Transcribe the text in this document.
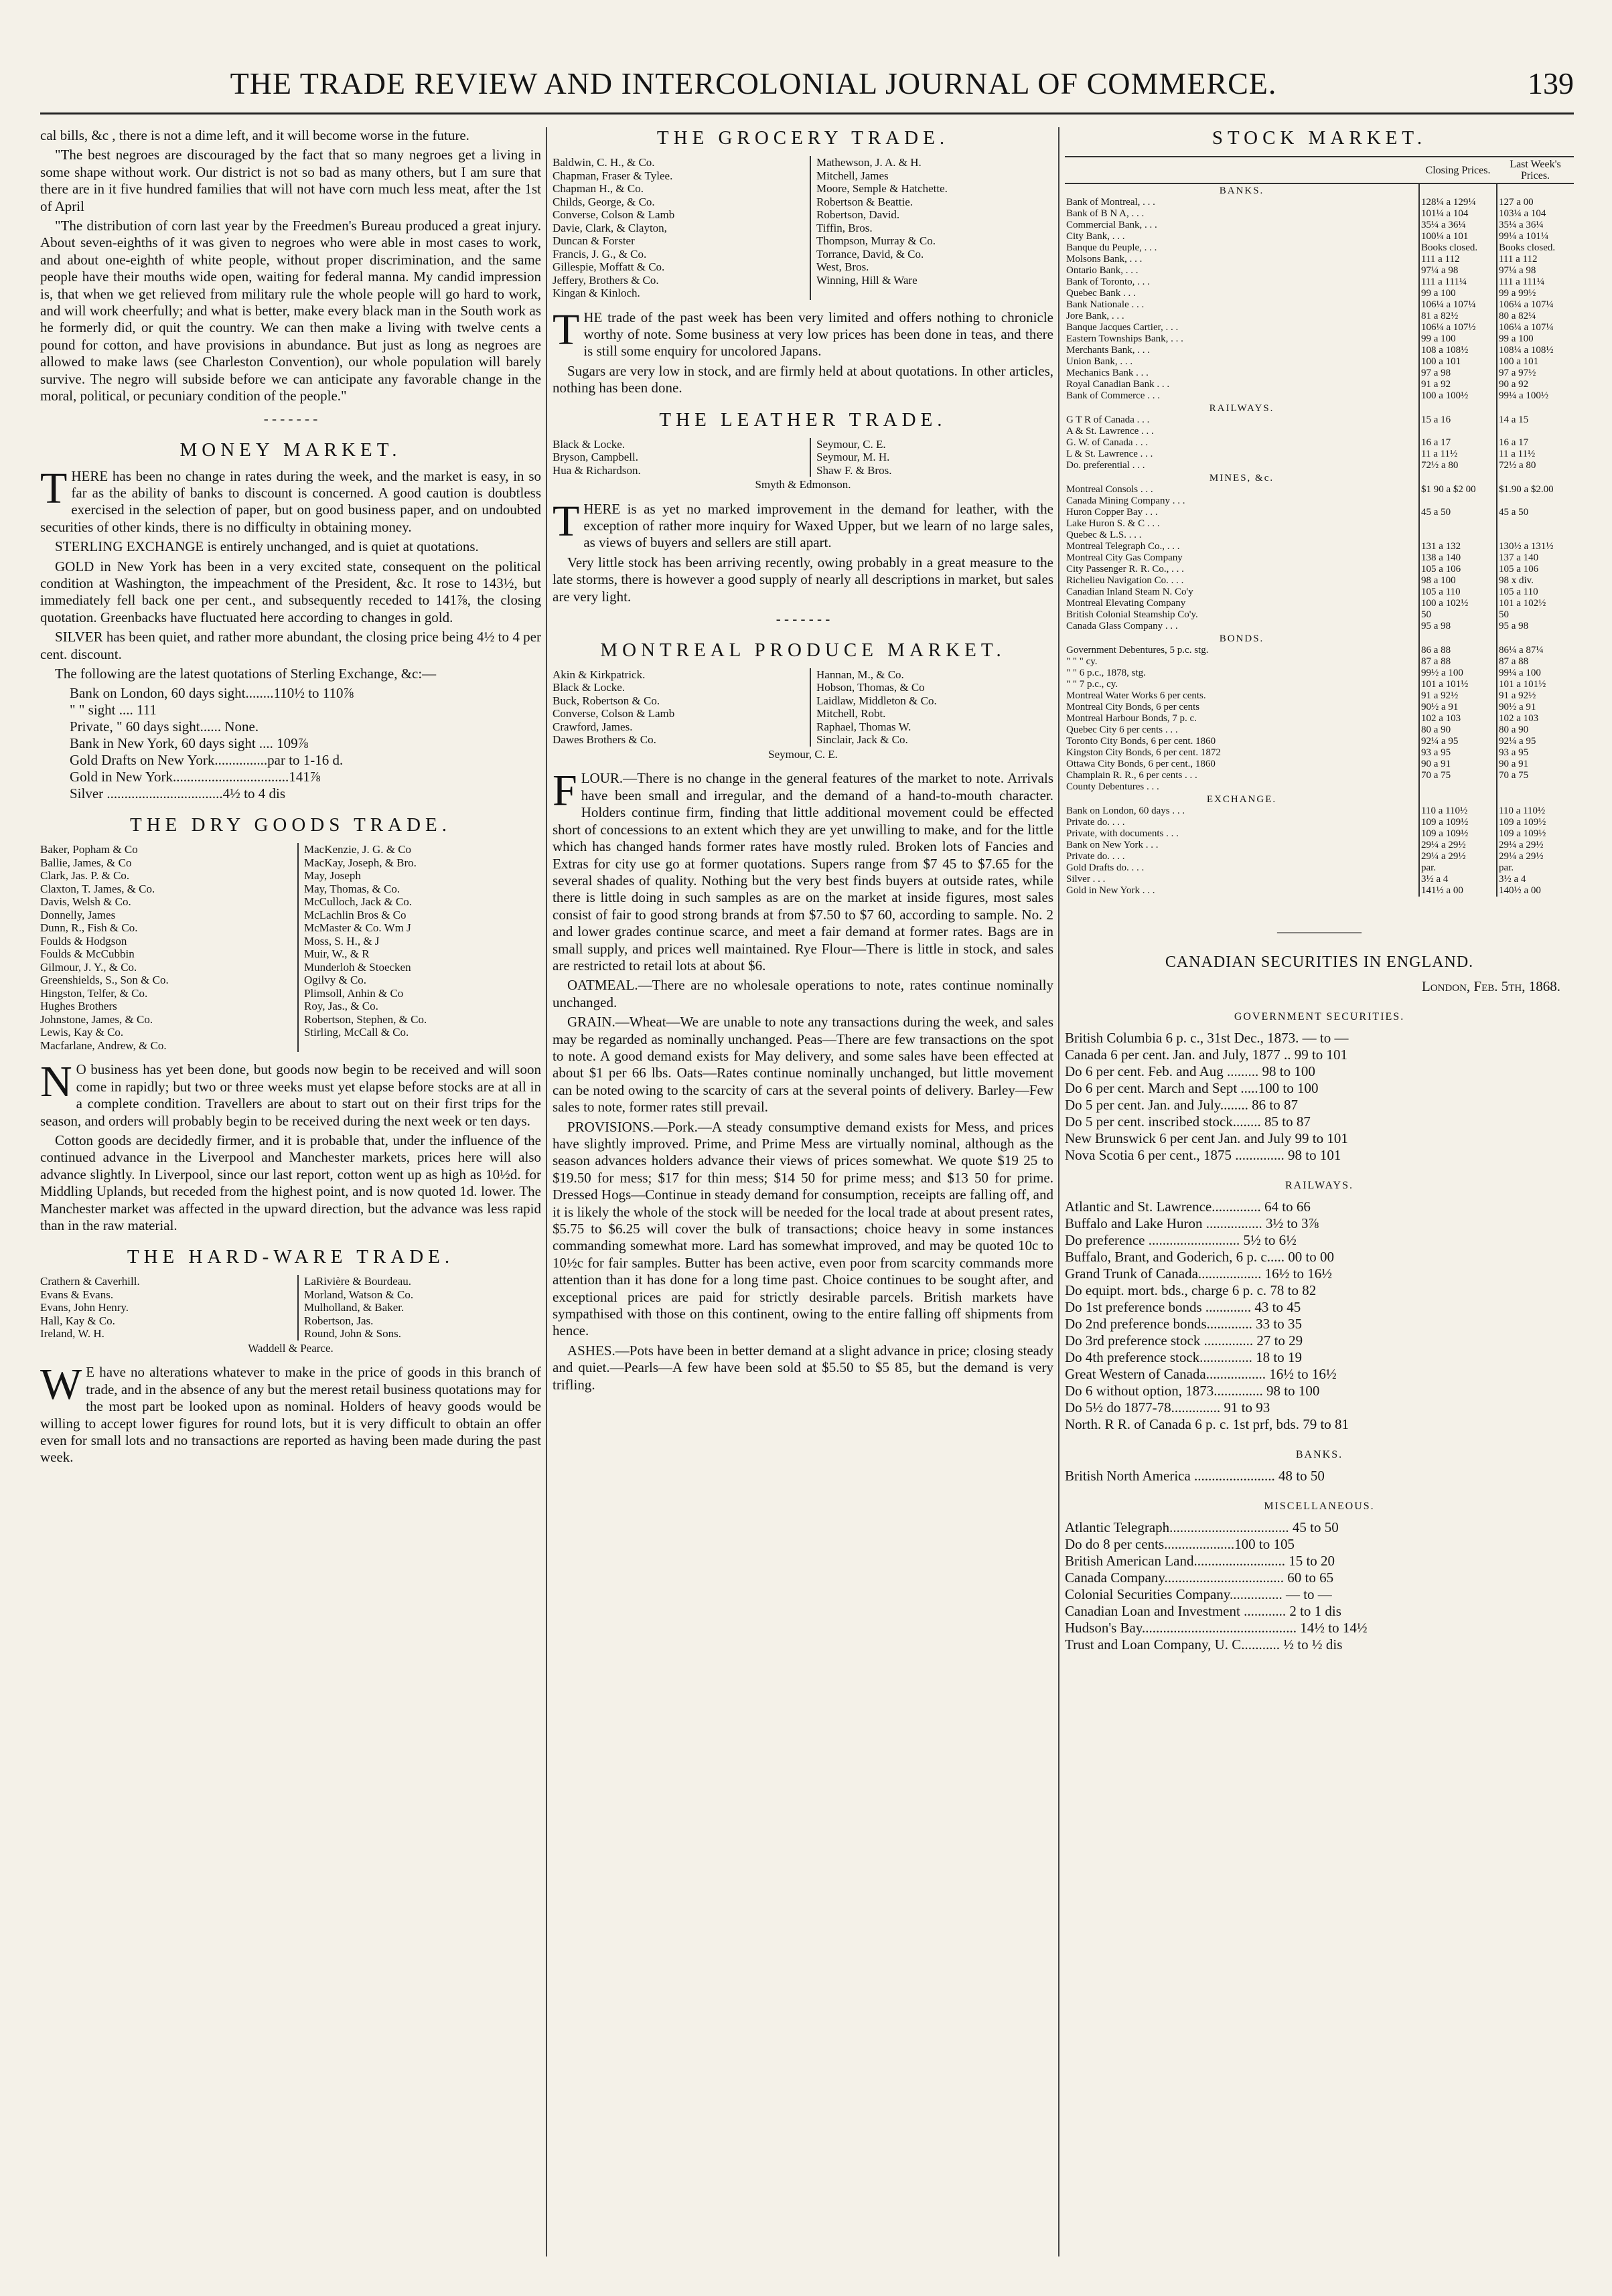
THE TRADE REVIEW AND INTERCOLONIAL JOURNAL OF COMMERCE.	139

cal bills, &c , there is not a dime left, and it will become worse in the future.

"The best negroes are discouraged by the fact that so many negroes get a living in some shape without work. Our district is not so bad as many others, but I am sure that there are in it five hundred families that will not have corn much less meat, after the 1st of April

"The distribution of corn last year by the Freedmen's Bureau produced a great injury. About seven-eighths of it was given to negroes who were able in most cases to work, and about one-eighth of white people, without proper discrimination, and the same people have their mouths wide open, waiting for federal manna. My candid impression is, that when we get relieved from military rule the whole people will go hard to work, and will work cheerfully; and what is better, make every black man in the South work as he formerly did, or quit the country. We can then make a living with twelve cents a pound for cotton, and have provisions in abundance. But just as long as negroes are allowed to make laws (see Charleston Convention), our whole population will barely survive. The negro will subside before we can anticipate any favorable change in the moral, political, or pecuniary condition of the people."

- - - - - - -
MONEY MARKET.

THERE has been no change in rates during the week, and the market is easy, in so far as the ability of banks to discount is concerned. A good caution is doubtless exercised in the selection of paper, but on good business paper, and on undoubted securities of other kinds, there is no difficulty in obtaining money.

STERLING EXCHANGE is entirely unchanged, and is quiet at quotations.

GOLD in New York has been in a very excited state, consequent on the political condition at Washington, the impeachment of the President, &c. It rose to 143½, but immediately fell back one per cent., and subsequently receded to 141⅞, the closing quotation. Greenbacks have fluctuated here according to changes in gold.

SILVER has been quiet, and rather more abundant, the closing price being 4½ to 4 per cent. discount.

The following are the latest quotations of Sterling Exchange, &c:—

Bank on London, 60 days sight........110½ to 110⅞
" " sight .... 111
Private, " 60 days sight...... None.
Bank in New York, 60 days sight .... 109⅞
Gold Drafts on New York...............par to 1-16 d.
Gold in New York.................................141⅞
Silver .................................4½ to 4 dis
THE DRY GOODS TRADE.
Baker, Popham & Co
Ballie, James, & Co
Clark, Jas. P. & Co.
Claxton, T. James, & Co.
Davis, Welsh & Co.
Donnelly, James
Dunn, R., Fish & Co.
Foulds & Hodgson
Foulds & McCubbin
Gilmour, J. Y., & Co.
Greenshields, S., Son & Co.
Hingston, Telfer, & Co.
Hughes Brothers
Johnstone, James, & Co.
Lewis, Kay & Co.
Macfarlane, Andrew, & Co.
MacKenzie, J. G. & Co
MacKay, Joseph, & Bro.
May, Joseph
May, Thomas, & Co.
McCulloch, Jack & Co.
McLachlin Bros & Co
McMaster & Co. Wm J
Moss, S. H., & J
Muir, W., & R
Munderloh & Stoecken
Ogilvy & Co.
Plimsoll, Anhin & Co
Roy, Jas., & Co.
Robertson, Stephen, & Co.
Stirling, McCall & Co.

N O business has yet been done, but goods now begin to be received and will soon come in rapidly; but two or three weeks must yet elapse before stocks are at all in a complete condition. Travellers are about to start out on their first trips for the season, and orders will probably begin to be received during the next week or ten days.

Cotton goods are decidedly firmer, and it is probable that, under the influence of the continued advance in the Liverpool and Manchester markets, prices here will also advance slightly. In Liverpool, since our last report, cotton went up as high as 10½d. for Middling Uplands, but receded from the highest point, and is now quoted 1d. lower. The Manchester market was affected in the upward direction, but the advance was less rapid than in the raw material.

THE HARD-WARE TRADE.
Crathern & Caverhill.
Evans & Evans.
Evans, John Henry.
Hall, Kay & Co.
Ireland, W. H.
LaRivière & Bourdeau.
Morland, Watson & Co.
Mulholland, & Baker.
Robertson, Jas.
Round, John & Sons.
Waddell & Pearce.

W E have no alterations whatever to make in the price of goods in this branch of trade, and in the absence of any but the merest retail business quotations may for the most part be looked upon as nominal. Holders of heavy goods would be willing to accept lower figures for round lots, but it is very difficult to obtain an offer even for small lots and no transactions are reported as having been made during the past week.

THE GROCERY TRADE.
Baldwin, C. H., & Co.
Chapman, Fraser & Tylee.
Chapman H., & Co.
Childs, George, & Co.
Converse, Colson & Lamb
Davie, Clark, & Clayton,
Duncan & Forster
Francis, J. G., & Co.
Gillespie, Moffatt & Co.
Jeffery, Brothers & Co.
Kingan & Kinloch.
Mathewson, J. A. & H.
Mitchell, James
Moore, Semple & Hatchette.
Robertson & Beattie.
Robertson, David.
Tiffin, Bros.
Thompson, Murray & Co.
Torrance, David, & Co.
West, Bros.
Winning, Hill & Ware

THE trade of the past week has been very limited and offers nothing to chronicle worthy of note. Some business at very low prices has been done in teas, and there is still some enquiry for uncolored Japans.

Sugars are very low in stock, and are firmly held at about quotations. In other articles, nothing has been done.

THE LEATHER TRADE.
Black & Locke.
Bryson, Campbell.
Hua & Richardson.
Seymour, C. E.
Seymour, M. H.
Shaw F. & Bros.
Smyth & Edmonson.

THERE is as yet no marked improvement in the demand for leather, with the exception of rather more inquiry for Waxed Upper, but we learn of no large sales, as views of buyers and sellers are still apart.

Very little stock has been arriving recently, owing probably in a great measure to the late storms, there is however a good supply of nearly all descriptions in market, but sales are very light.

- - - - - - -
MONTREAL PRODUCE MARKET.
Akin & Kirkpatrick.
Black & Locke.
Buck, Robertson & Co.
Converse, Colson & Lamb
Crawford, James.
Dawes Brothers & Co.
Hannan, M., & Co.
Hobson, Thomas, & Co
Laidlaw, Middleton & Co.
Mitchell, Robt.
Raphael, Thomas W.
Sinclair, Jack & Co.
Seymour, C. E.

FLOUR.—There is no change in the general features of the market to note. Arrivals have been small and irregular, and the demand of a hand-to-mouth character. Holders continue firm, finding that little additional movement could be effected short of concessions to an extent which they are yet unwilling to make, and for the little which has changed hands former rates have mostly ruled. Broken lots of Fancies and Extras for city use go at former quotations. Supers range from $7 45 to $7.65 for the several shades of quality. Nothing but the very best finds buyers at outside rates, while there is little doing in such samples as are on the market at inside figures, most sales consist of fair to good strong brands at from $7.50 to $7 60, according to sample. No. 2 and lower grades continue scarce, and meet a fair demand at former rates. Bags are in small supply, and prices well maintained. Rye Flour—There is little in stock, and sales are restricted to retail lots at about $6.

OATMEAL.—There are no wholesale operations to note, rates continue nominally unchanged.

GRAIN.—Wheat—We are unable to note any transactions during the week, and sales may be regarded as nominally unchanged. Peas—There are few transactions on the spot to note. A good demand exists for May delivery, and some sales have been effected at about $1 per 66 lbs. Oats—Rates continue nominally unchanged, but little movement can be noted owing to the scarcity of cars at the several points of delivery. Barley—Few sales to note, former rates still prevail.

PROVISIONS.—Pork.—A steady consumptive demand exists for Mess, and prices have slightly improved. Prime, and Prime Mess are virtually nominal, although as the season advances holders advance their views of prices somewhat. We quote $19 25 to $19.50 for mess; $17 for thin mess; $14 50 for prime mess; and $13 50 for prime. Dressed Hogs—Continue in steady demand for consumption, receipts are falling off, and it is likely the whole of the stock will be needed for the local trade at about present rates, $5.75 to $6.25 will cover the bulk of transactions; choice heavy in some instances commanding somewhat more. Lard has somewhat improved, and may be quoted 10c to 10½c for fair samples. Butter has been active, even poor from scarcity commands more attention than it has done for a long time past. Choice continues to be sought after, and exceptional prices are paid for strictly desirable parcels. British markets have sympathised with those on this continent, owing to the entire falling off shipments from hence.

ASHES.—Pots have been in better demand at a slight advance in price; closing steady and quiet.—Pearls—A few have been sold at $5.50 to $5 85, but the demand is very trifling.

STOCK MARKET.
	Closing Prices.	Last Week's Prices.
BANKS.		
Bank of Montreal, . . .	128¼ a 129¼	127 a 00
Bank of B N A, . . .	101¼ a 104	103¼ a 104
Commercial Bank, . . .	35¼ a 36¼	35¼ a 36¼
City Bank, . . .	100¼ a 101	99¼ a 101¼
Banque du Peuple, . . .	Books closed.	Books closed.
Molsons Bank, . . .	111 a 112	111 a 112
Ontario Bank, . . .	97¼ a 98	97¼ a 98
Bank of Toronto, . . .	111 a 111¼	111 a 111¼
Quebec Bank . . .	99 a 100	99 a 99½
Bank Nationale . . .	106¼ a 107¼	106¼ a 107¼
Jore Bank, . . .	81 a 82½	80 a 82¼
Banque Jacques Cartier, . . .	106¼ a 107½	106¼ a 107¼
Eastern Townships Bank, . . .	99 a 100	99 a 100
Merchants Bank, . . .	108 a 108½	108¼ a 108½
Union Bank, . . .	100 a 101	100 a 101
Mechanics Bank . . .	97 a 98	97 a 97½
Royal Canadian Bank . . .	91 a 92	90 a 92
Bank of Commerce . . .	100 a 100½	99¼ a 100½
RAILWAYS.		
G T R of Canada . . .	15 a 16	14 a 15
A & St. Lawrence . . .		
G. W. of Canada . . .	16 a 17	16 a 17
L & St. Lawrence . . .	11 a 11½	11 a 11½
Do. preferential . . .	72½ a 80	72½ a 80
MINES, &c.		
Montreal Consols . . .	$1 90 a $2 00	$1.90 a $2.00
Canada Mining Company . . .		
Huron Copper Bay . . .	45 a 50	45 a 50
Lake Huron S. & C . . .		
Quebec & L.S. . . .		
Montreal Telegraph Co., . . .	131 a 132	130½ a 131½
Montreal City Gas Company	138 a 140	137 a 140
City Passenger R. R. Co., . . .	105 a 106	105 a 106
Richelieu Navigation Co. . . .	98 a 100	98 x div.
Canadian Inland Steam N. Co'y	105 a 110	105 a 110
Montreal Elevating Company	100 a 102½	101 a 102½
British Colonial Steamship Co'y.	50	50
Canada Glass Company . . .	95 a 98	95 a 98
BONDS.		
Government Debentures, 5 p.c. stg.	86 a 88	86¼ a 87¼
" " " cy.	87 a 88	87 a 88
" " 6 p.c., 1878, stg.	99½ a 100	99¼ a 100
" " 7 p.c., cy.	101 a 101½	101 a 101½
Montreal Water Works 6 per cents.	91 a 92½	91 a 92½
Montreal City Bonds, 6 per cents	90½ a 91	90½ a 91
Montreal Harbour Bonds, 7 p. c.	102 a 103	102 a 103
Quebec City 6 per cents . . .	80 a 90	80 a 90
Toronto City Bonds, 6 per cent. 1860	92¼ a 95	92¼ a 95
Kingston City Bonds, 6 per cent. 1872	93 a 95	93 a 95
Ottawa City Bonds, 6 per cent., 1860	90 a 91	90 a 91
Champlain R. R., 6 per cents . . .	70 a 75	70 a 75
County Debentures . . .		
EXCHANGE.		
Bank on London, 60 days . . .	110 a 110½	110 a 110½
Private do. . . .	109 a 109½	109 a 109½
Private, with documents . . .	109 a 109½	109 a 109½
Bank on New York . . .	29¼ a 29½	29¼ a 29½
Private do. . . .	29¼ a 29½	29¼ a 29½
Gold Drafts do. . . .	par.	par.
Silver . . .	3½ a 4	3½ a 4
Gold in New York . . .	141½ a 00	140½ a 00
——————
CANADIAN SECURITIES IN ENGLAND.
London, Feb. 5th, 1868.
GOVERNMENT SECURITIES.
British Columbia 6 p. c., 31st Dec., 1873. — to —
Canada 6 per cent. Jan. and July, 1877 .. 99 to 101
Do 6 per cent. Feb. and Aug ......... 98 to 100
Do 6 per cent. March and Sept .....100 to 100
Do 5 per cent. Jan. and July........ 86 to 87
Do 5 per cent. inscribed stock........ 85 to 87
New Brunswick 6 per cent Jan. and July 99 to 101
Nova Scotia 6 per cent., 1875 .............. 98 to 101
RAILWAYS.
Atlantic and St. Lawrence.............. 64 to 66
Buffalo and Lake Huron ................ 3½ to 3⅞
Do preference .......................... 5½ to 6½
Buffalo, Brant, and Goderich, 6 p. c..... 00 to 00
Grand Trunk of Canada.................. 16½ to 16½
Do equipt. mort. bds., charge 6 p. c. 78 to 82
Do 1st preference bonds ............. 43 to 45
Do 2nd preference bonds............. 33 to 35
Do 3rd preference stock .............. 27 to 29
Do 4th preference stock............... 18 to 19
Great Western of Canada................. 16½ to 16½
Do 6 without option, 1873.............. 98 to 100
Do 5½ do 1877-78.............. 91 to 93
North. R R. of Canada 6 p. c. 1st prf, bds. 79 to 81
BANKS.
British North America ....................... 48 to 50
MISCELLANEOUS.
Atlantic Telegraph.................................. 45 to 50
Do do 8 per cents....................100 to 105
British American Land.......................... 15 to 20
Canada Company.................................. 60 to 65
Colonial Securities Company............... — to —
Canadian Loan and Investment ............ 2 to 1 dis
Hudson's Bay............................................ 14½ to 14½
Trust and Loan Company, U. C........... ½ to ½ dis
